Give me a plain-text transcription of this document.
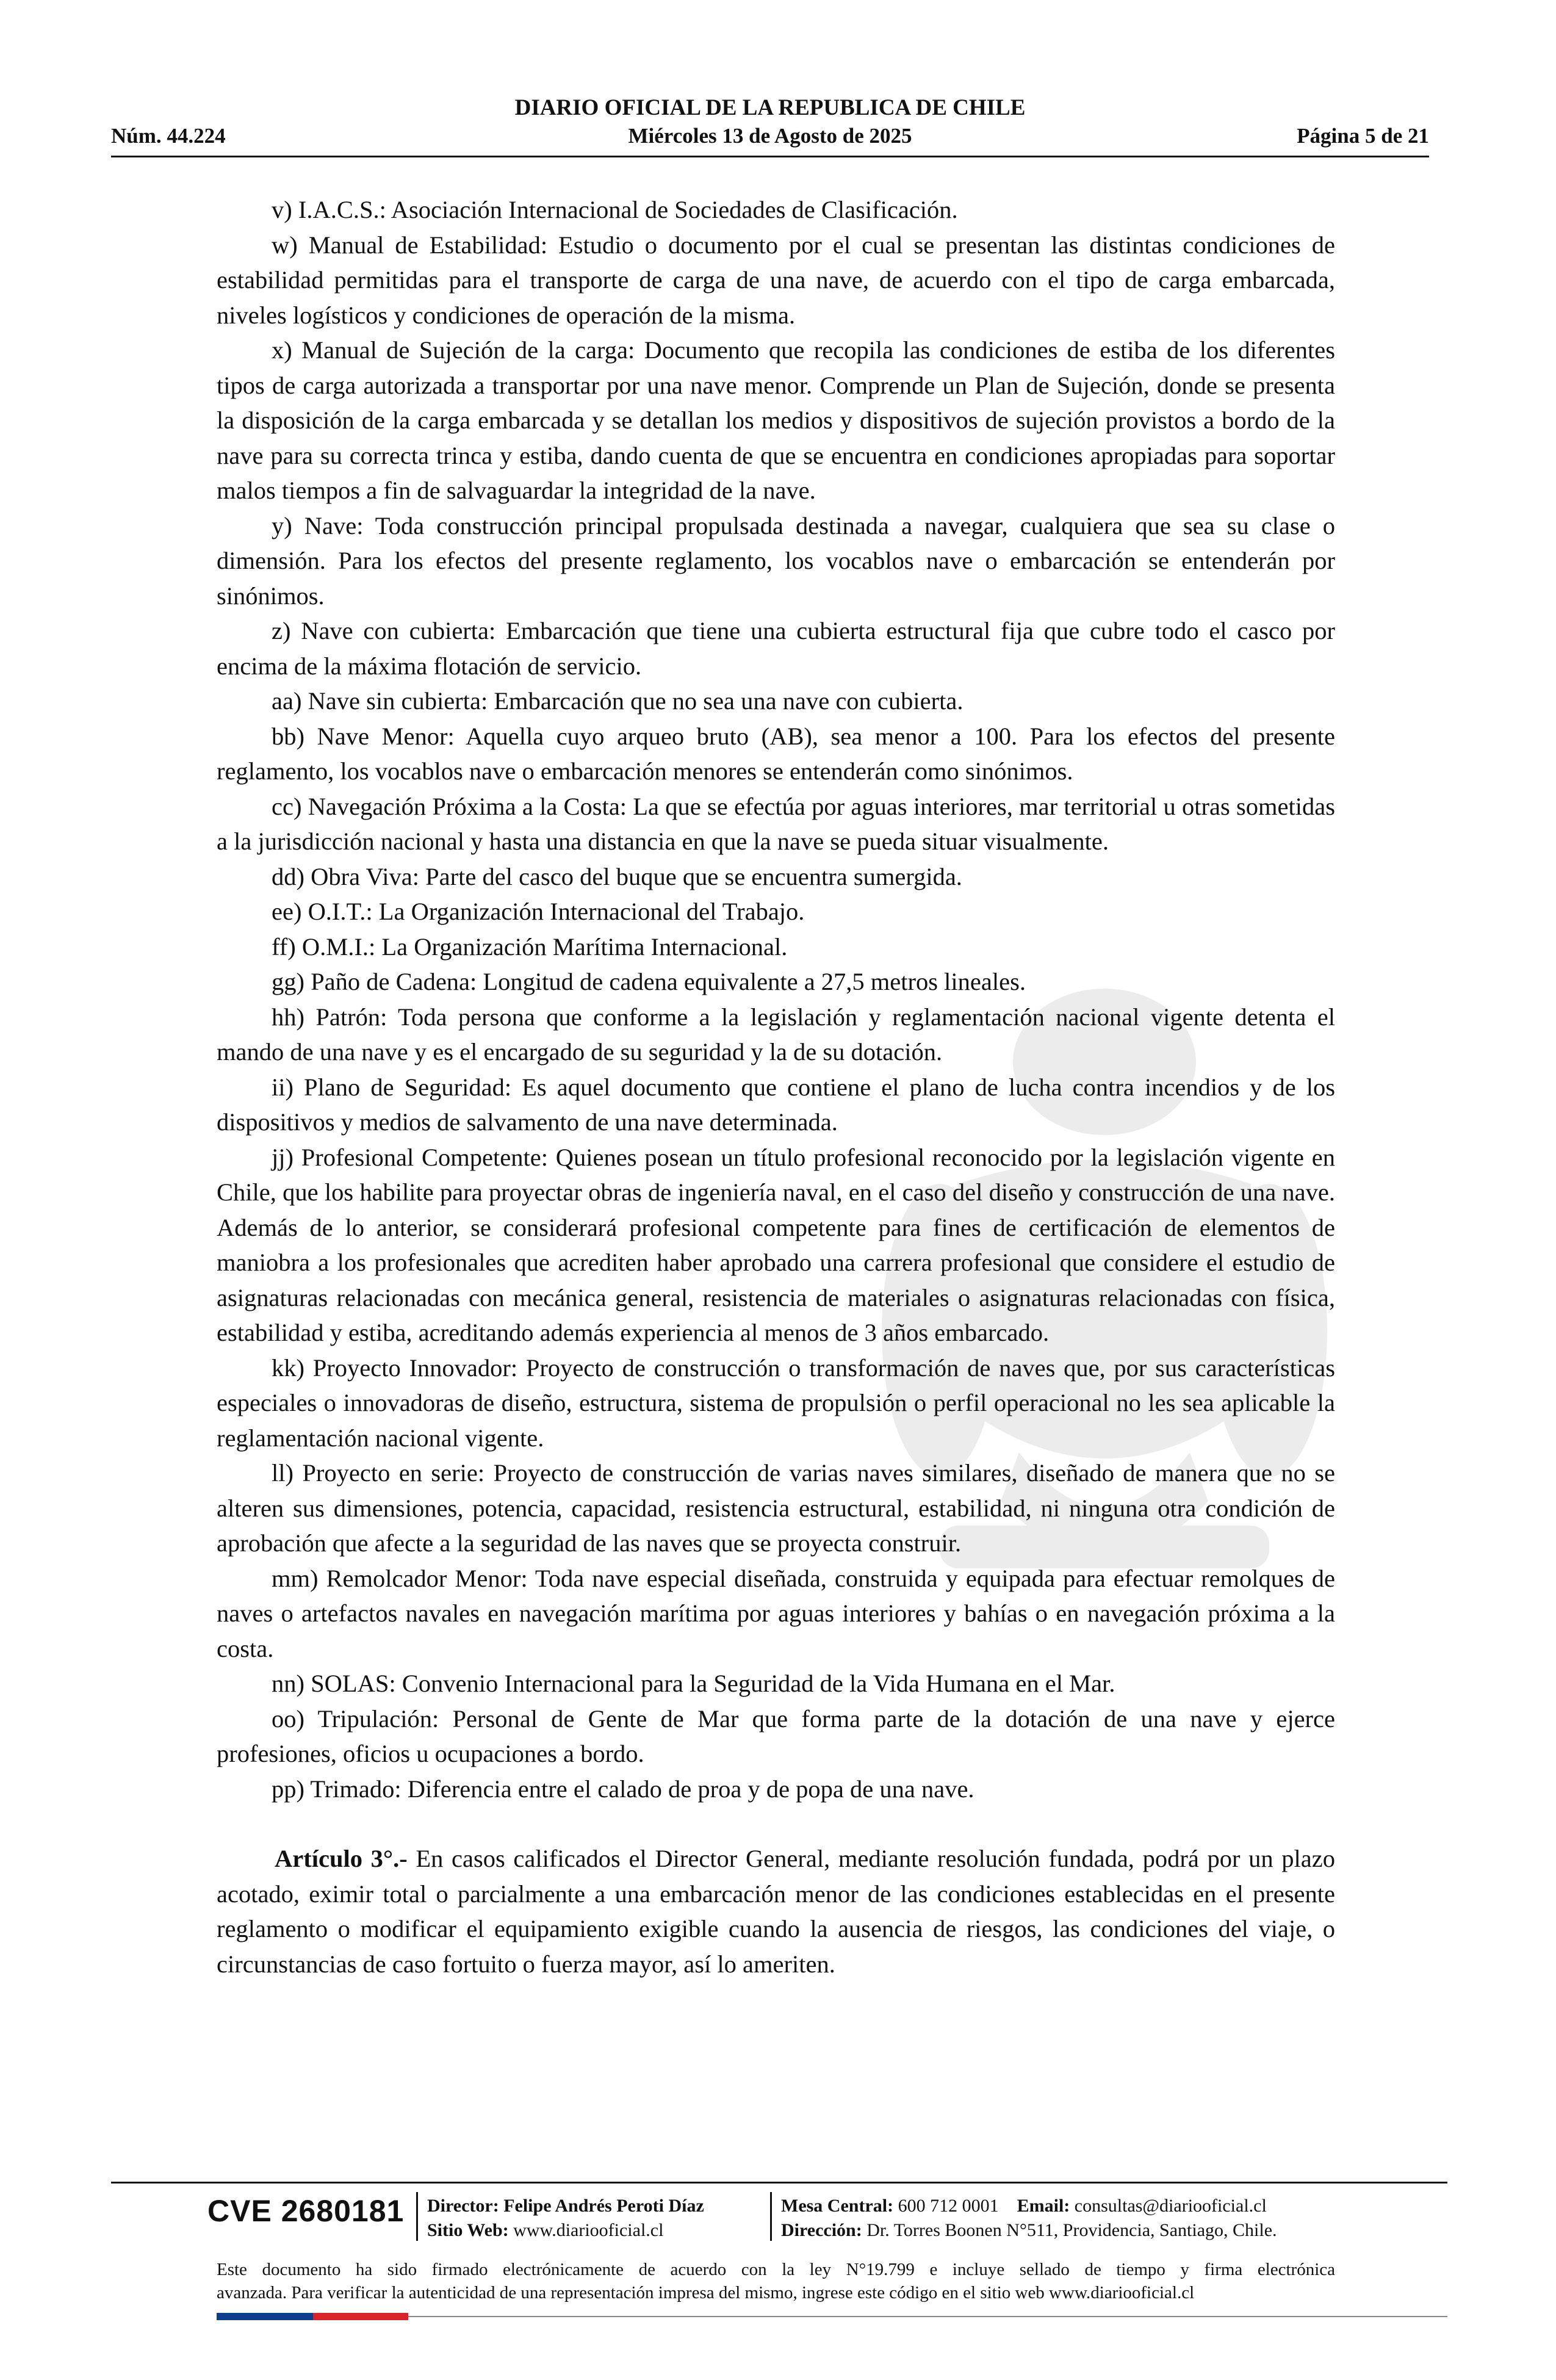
DIARIO OFICIAL DE LA REPUBLICA DE CHILE
Núm. 44.224	Miércoles 13 de Agosto de 2025	Página 5 de 21

v) I.A.C.S.: Asociación Internacional de Sociedades de Clasificación.

w) Manual de Estabilidad: Estudio o documento por el cual se presentan las distintas condiciones de estabilidad permitidas para el transporte de carga de una nave, de acuerdo con el tipo de carga embarcada, niveles logísticos y condiciones de operación de la misma.

x) Manual de Sujeción de la carga: Documento que recopila las condiciones de estiba de los diferentes tipos de carga autorizada a transportar por una nave menor. Comprende un Plan de Sujeción, donde se presenta la disposición de la carga embarcada y se detallan los medios y dispositivos de sujeción provistos a bordo de la nave para su correcta trinca y estiba, dando cuenta de que se encuentra en condiciones apropiadas para soportar malos tiempos a fin de salvaguardar la integridad de la nave.

y) Nave: Toda construcción principal propulsada destinada a navegar, cualquiera que sea su clase o dimensión. Para los efectos del presente reglamento, los vocablos nave o embarcación se entenderán por sinónimos.

z) Nave con cubierta: Embarcación que tiene una cubierta estructural fija que cubre todo el casco por encima de la máxima flotación de servicio.

aa) Nave sin cubierta: Embarcación que no sea una nave con cubierta.

bb) Nave Menor: Aquella cuyo arqueo bruto (AB), sea menor a 100. Para los efectos del presente reglamento, los vocablos nave o embarcación menores se entenderán como sinónimos.

cc) Navegación Próxima a la Costa: La que se efectúa por aguas interiores, mar territorial u otras sometidas a la jurisdicción nacional y hasta una distancia en que la nave se pueda situar visualmente.

dd) Obra Viva: Parte del casco del buque que se encuentra sumergida.

ee) O.I.T.: La Organización Internacional del Trabajo.

ff) O.M.I.: La Organización Marítima Internacional.

gg) Paño de Cadena: Longitud de cadena equivalente a 27,5 metros lineales.

hh) Patrón: Toda persona que conforme a la legislación y reglamentación nacional vigente detenta el mando de una nave y es el encargado de su seguridad y la de su dotación.

ii) Plano de Seguridad: Es aquel documento que contiene el plano de lucha contra incendios y de los dispositivos y medios de salvamento de una nave determinada.

jj) Profesional Competente: Quienes posean un título profesional reconocido por la legislación vigente en Chile, que los habilite para proyectar obras de ingeniería naval, en el caso del diseño y construcción de una nave. Además de lo anterior, se considerará profesional competente para fines de certificación de elementos de maniobra a los profesionales que acrediten haber aprobado una carrera profesional que considere el estudio de asignaturas relacionadas con mecánica general, resistencia de materiales o asignaturas relacionadas con física, estabilidad y estiba, acreditando además experiencia al menos de 3 años embarcado.

kk) Proyecto Innovador: Proyecto de construcción o transformación de naves que, por sus características especiales o innovadoras de diseño, estructura, sistema de propulsión o perfil operacional no les sea aplicable la reglamentación nacional vigente.

ll) Proyecto en serie: Proyecto de construcción de varias naves similares, diseñado de manera que no se alteren sus dimensiones, potencia, capacidad, resistencia estructural, estabilidad, ni ninguna otra condición de aprobación que afecte a la seguridad de las naves que se proyecta construir.

mm) Remolcador Menor: Toda nave especial diseñada, construida y equipada para efectuar remolques de naves o artefactos navales en navegación marítima por aguas interiores y bahías o en navegación próxima a la costa.

nn) SOLAS: Convenio Internacional para la Seguridad de la Vida Humana en el Mar.

oo) Tripulación: Personal de Gente de Mar que forma parte de la dotación de una nave y ejerce profesiones, oficios u ocupaciones a bordo.

pp) Trimado: Diferencia entre el calado de proa y de popa de una nave.

Artículo 3°.- En casos calificados el Director General, mediante resolución fundada, podrá por un plazo acotado, eximir total o parcialmente a una embarcación menor de las condiciones establecidas en el presente reglamento o modificar el equipamiento exigible cuando la ausencia de riesgos, las condiciones del viaje, o circunstancias de caso fortuito o fuerza mayor, así lo ameriten.

CVE 2680181 Director: Felipe Andrés Peroti Díaz
Sitio Web: www.diariooficial.cl
Mesa Central: 600 712 0001 Email: consultas@diariooficial.cl
Dirección: Dr. Torres Boonen N°511, Providencia, Santiago, Chile.
Este documento ha sido firmado electrónicamente de acuerdo con la ley N°19.799 e incluye sellado de tiempo y firma electrónica
avanzada. Para verificar la autenticidad de una representación impresa del mismo, ingrese este código en el sitio web www.diariooficial.cl
